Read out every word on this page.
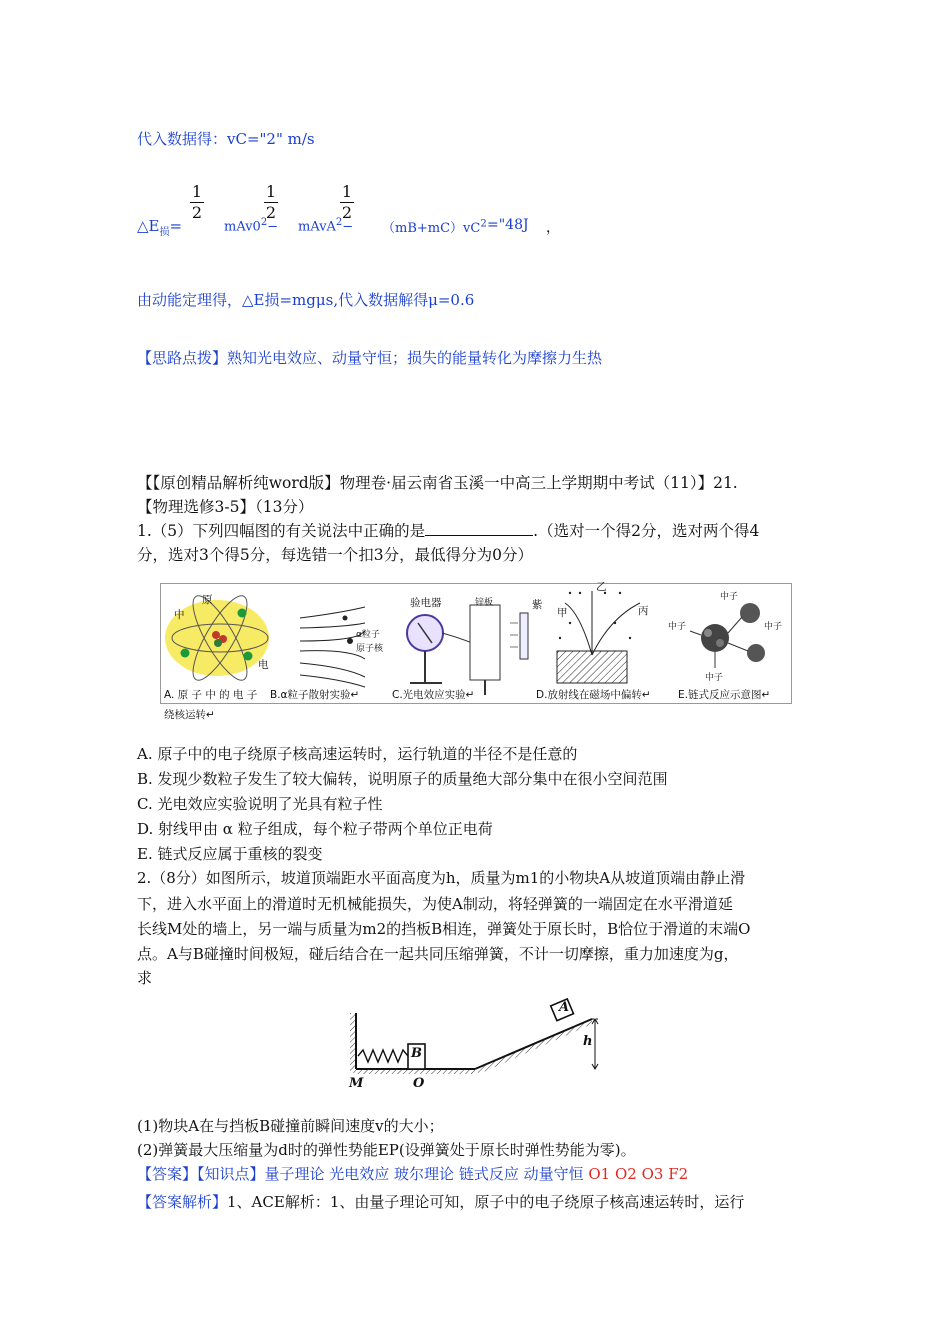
代入数据得：vC="2" m/s
$\triangle E_损=$
1
2
$mAv0^2-$
1
2
mAvA$^2$−
1
2
$(mB+mC)vC^2$ ="48J ，
由动能定理得，△E损=mgμs,代入数据解得μ=0.6
【思路点拨】熟知光电效应、动量守恒；损失的能量转化为摩擦力生热
【【原创精品解析纯word版】物理卷·届云南省玉溪一中高三上学期期中考试（11）】21.
【物理选修3-5】（13分）
1.（5）下列四幅图的有关说法中正确的是	.（选对一个得2分，选对两个得4
分，选对3个得5分，每选错一个扣3分，最低得分为0分）
原
中
电
α粒子
原子核
验电器	锌板	紫
乙
甲	丙
中子
中子	中子
中子
A. 原 子 中 的 电 子
绕核运转↵
B.α粒子散射实验↵	C.光电效应实验↵	D.放射线在磁场中偏转↵	E.链式反应示意图↵
A. 原子中的电子绕原子核高速运转时，运行轨道的半径不是任意的
B. 发现少数粒子发生了较大偏转，说明原子的质量绝大部分集中在很小空间范围
C. 光电效应实验说明了光具有粒子性
D. 射线甲由 α 粒子组成，每个粒子带两个单位正电荷
E. 链式反应属于重核的裂变
2.（8分）如图所示，坡道顶端距水平面高度为h，质量为m1的小物块A从坡道顶端由静止滑
下，进入水平面上的滑道时无机械能损失，为使A制动，将轻弹簧的一端固定在水平滑道延
长线M处的墙上，另一端与质量为m2的挡板B相连，弹簧处于原长时，B恰位于滑道的末端O
点。A与B碰撞时间极短，碰后结合在一起共同压缩弹簧，不计一切摩擦，重力加速度为g，
求
A
B
h
M	O
(1)物块A在与挡板B碰撞前瞬间速度v的大小；
(2)弹簧最大压缩量为d时的弹性势能EP(设弹簧处于原长时弹性势能为零)。
【答案】【知识点】量子理论 光电效应 玻尔理论 链式反应 动量守恒 O1 O2 O3 F2
【答案解析】1、ACE解析：1、由量子理论可知，原子中的电子绕原子核高速运转时，运行
